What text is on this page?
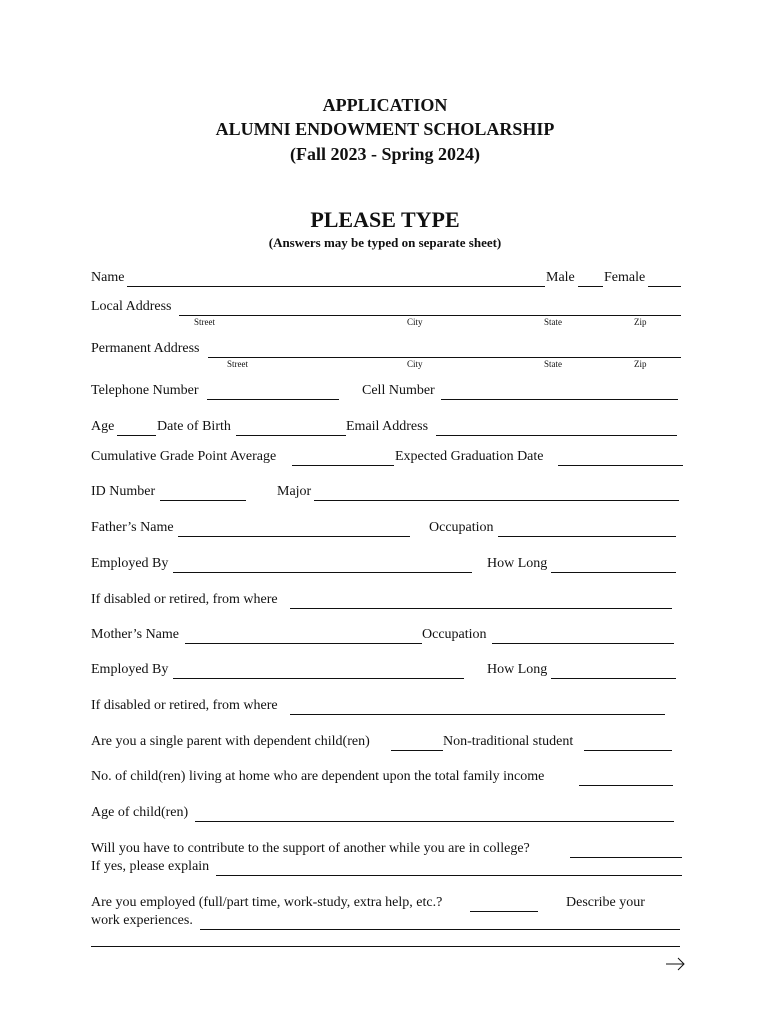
APPLICATION
ALUMNI ENDOWMENT SCHOLARSHIP
(Fall 2023 - Spring 2024)
PLEASE TYPE
(Answers may be typed on separate sheet)
Name	Male Female
Local Address
Street	City	State	Zip
Permanent Address
Street	City	State	Zip
Telephone Number	Cell Number
Age	Date of Birth	Email Address
Cumulative Grade Point Average	Expected Graduation Date
ID Number	Major
Father’s Name	Occupation
Employed By	How Long
If disabled or retired, from where
Mother’s Name	Occupation
Employed By	How Long
If disabled or retired, from where
Are you a single parent with dependent child(ren)	Non-traditional student
No. of child(ren) living at home who are dependent upon the total family income
Age of child(ren)
Will you have to contribute to the support of another while you are in college?
If yes, please explain
Are you employed (full/part time, work-study, extra help, etc.?	Describe your
work experiences.
